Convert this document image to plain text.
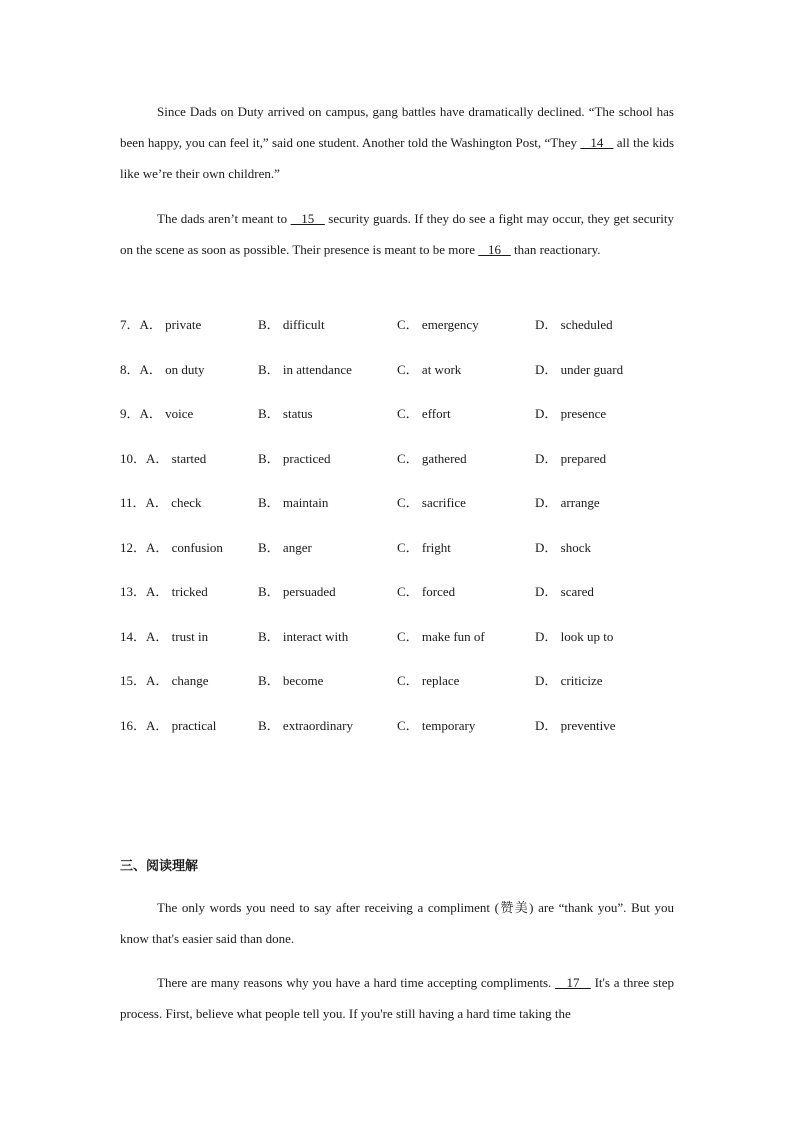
Since Dads on Duty arrived on campus, gang battles have dramatically declined. “The school has been happy, you can feel it,” said one student. Another told the Washington Post, “They    14    all the kids like we’re their own children.”

The dads aren’t meant to    15    security guards. If they do see a fight may occur, they get security on the scene as soon as possible. Their presence is meant to be more    16    than reactionary.

7．A． private	B． difficult	C． emergency	D． scheduled
8．A． on duty	B． in attendance	C． at work	D． under guard
9．A． voice	B． status	C． effort	D． presence
10．A． started	B． practiced	C． gathered	D． prepared
11．A． check	B． maintain	C． sacrifice	D． arrange
12．A． confusion	B． anger	C． fright	D． shock
13．A． tricked	B． persuaded	C． forced	D． scared
14．A． trust in	B． interact with	C． make fun of	D． look up to
15．A． change	B． become	C． replace	D． criticize
16．A． practical	B． extraordinary	C． temporary	D． preventive
三、阅读理解

The only words you need to say after receiving a compliment (赞美) are “thank you”. But you know that's easier said than done.

There are many reasons why you have a hard time accepting compliments.    17    It's a three step process. First, believe what people tell you. If you're still having a hard time taking the
